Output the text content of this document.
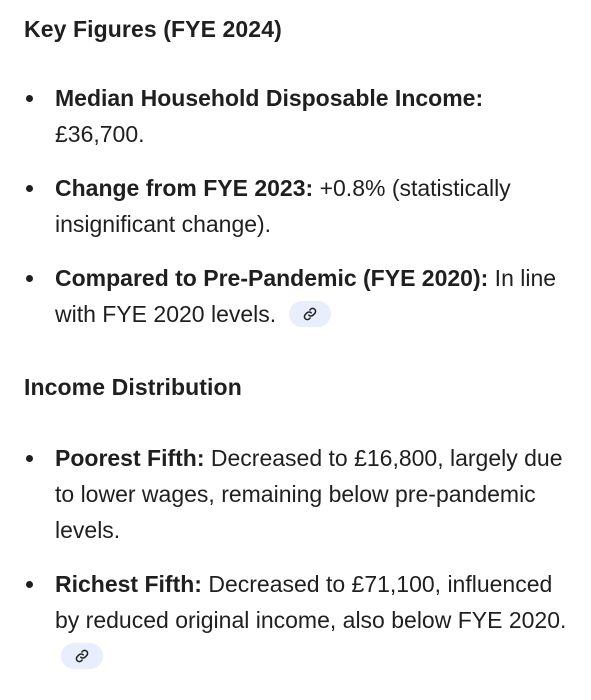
Key Figures (FYE 2024)
Median Household Disposable Income: £36,700.
Change from FYE 2023: +0.8% (statistically insignificant change).
Compared to Pre-Pandemic (FYE 2020): In line with FYE 2020 levels.
Income Distribution
Poorest Fifth: Decreased to £16,800, largely due to lower wages, remaining below pre-pandemic levels.
Richest Fifth: Decreased to £71,100, influenced by reduced original income, also below FYE 2020.
